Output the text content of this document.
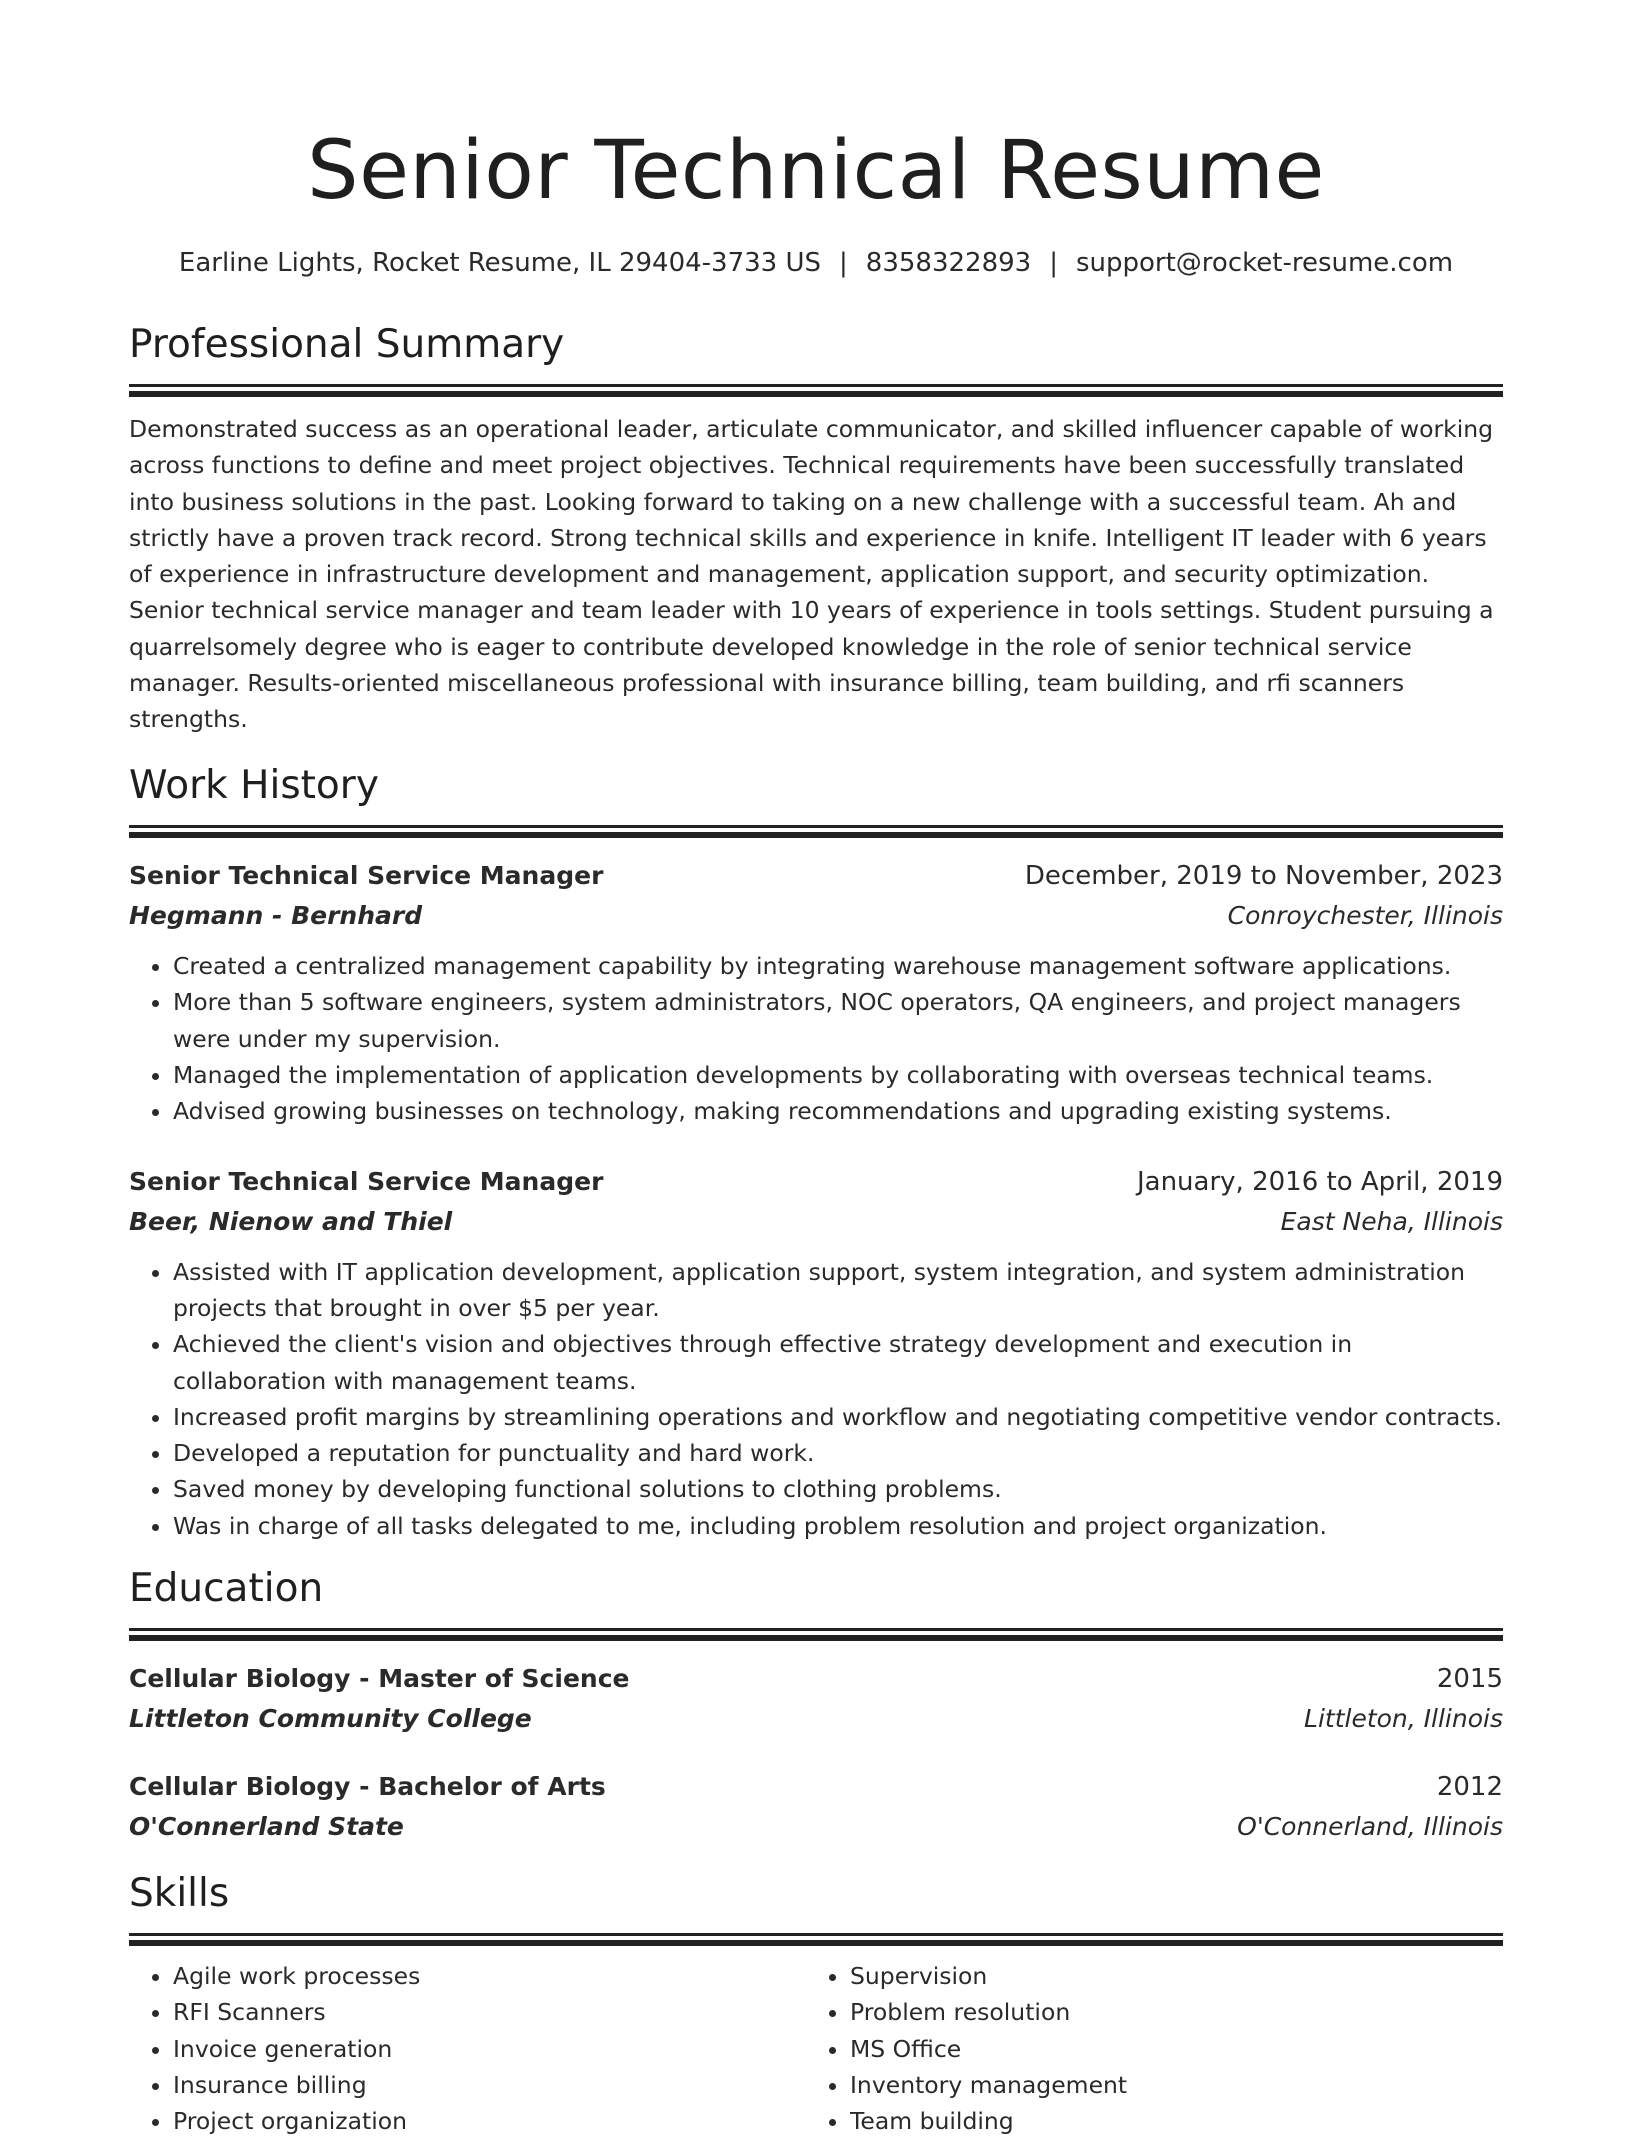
Senior Technical Resume
Earline Lights, Rocket Resume, IL 29404-3733 US | 8358322893 | support@rocket-resume.com
Professional Summary

Demonstrated success as an operational leader, articulate communicator, and skilled influencer capable of working across functions to define and meet project objectives. Technical requirements have been successfully translated into business solutions in the past. Looking forward to taking on a new challenge with a successful team. Ah and strictly have a proven track record. Strong technical skills and experience in knife. Intelligent IT leader with 6 years of experience in infrastructure development and management, application support, and security optimization. Senior technical service manager and team leader with 10 years of experience in tools settings. Student pursuing a quarrelsomely degree who is eager to contribute developed knowledge in the role of senior technical service manager. Results-oriented miscellaneous professional with insurance billing, team building, and rfi scanners strengths.

Work History
Senior Technical Service Manager	December, 2019 to November, 2023
Hegmann - Bernhard	Conroychester, Illinois
• Created a centralized management capability by integrating warehouse management software applications.
• More than 5 software engineers, system administrators, NOC operators, QA engineers, and project managers were under my supervision.
• Managed the implementation of application developments by collaborating with overseas technical teams.
• Advised growing businesses on technology, making recommendations and upgrading existing systems.
Senior Technical Service Manager	January, 2016 to April, 2019
Beer, Nienow and Thiel	East Neha, Illinois
• Assisted with IT application development, application support, system integration, and system administration projects that brought in over $5 per year.
• Achieved the client's vision and objectives through effective strategy development and execution in collaboration with management teams.
• Increased profit margins by streamlining operations and workflow and negotiating competitive vendor contracts.
• Developed a reputation for punctuality and hard work.
• Saved money by developing functional solutions to clothing problems.
• Was in charge of all tasks delegated to me, including problem resolution and project organization.
Education
Cellular Biology - Master of Science	2015
Littleton Community College	Littleton, Illinois
Cellular Biology - Bachelor of Arts	2012
O'Connerland State	O'Connerland, Illinois
Skills
• Agile work processes
• RFI Scanners
• Invoice generation
• Insurance billing
• Project organization
• Supervision
• Problem resolution
• MS Office
• Inventory management
• Team building
